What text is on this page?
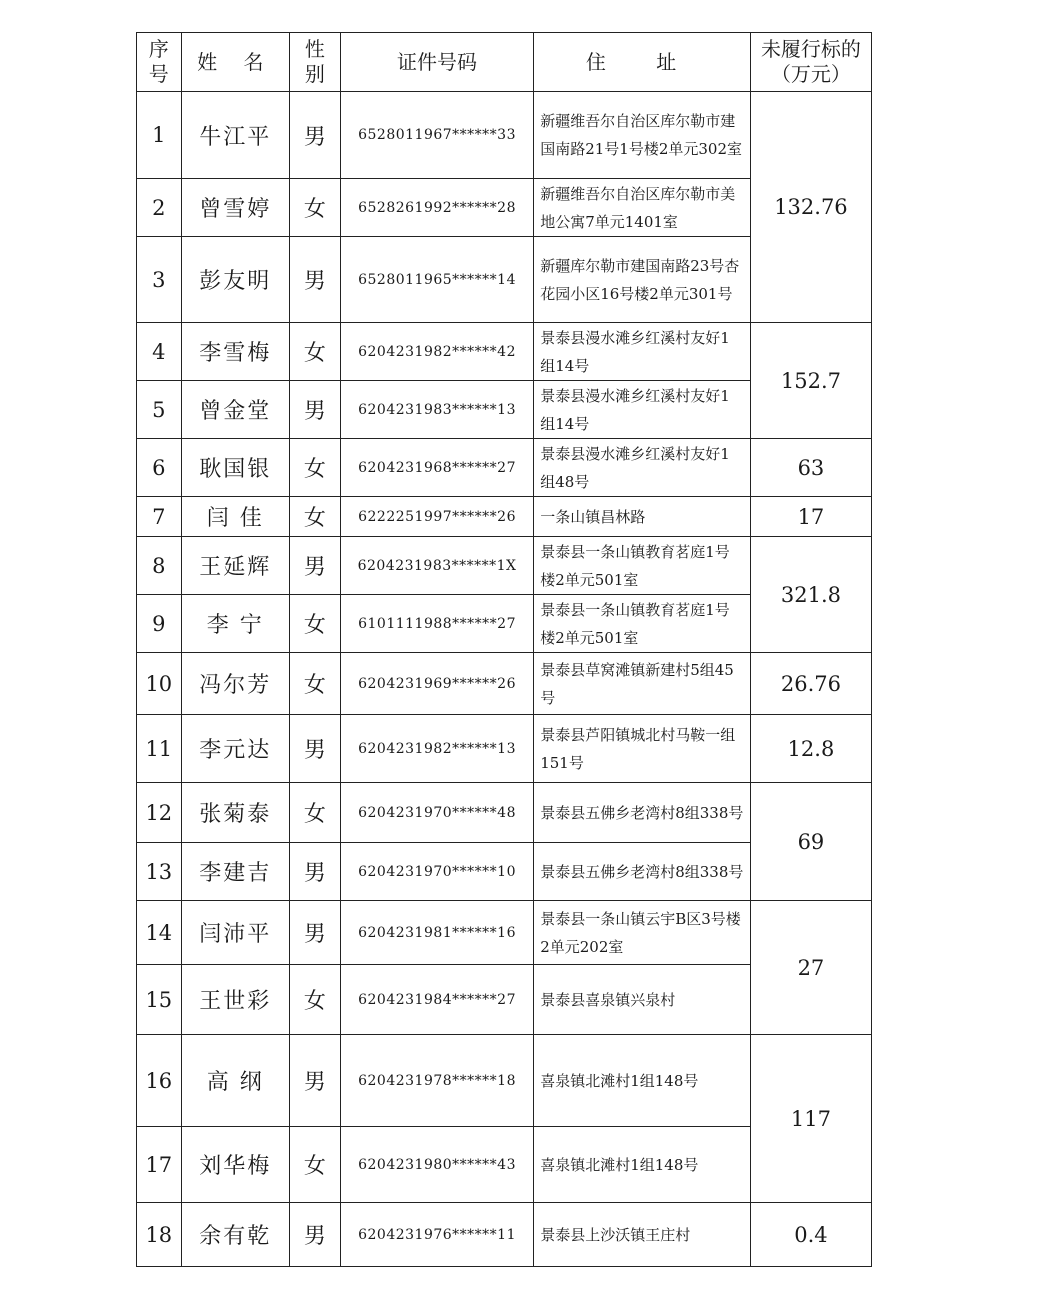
序号	姓 名	性别	证件号码	住 址	未履行标的（万元）
1	牛江平	男	6528011967******33	新疆维吾尔自治区库尔勒市建国南路21号1号楼2单元302室	132.76
2	曾雪婷	女	6528261992******28	新疆维吾尔自治区库尔勒市美地公寓7单元1401室	
3	彭友明	男	6528011965******14	新疆库尔勒市建国南路23号杏花园小区16号楼2单元301号	
4	李雪梅	女	6204231982******42	景泰县漫水滩乡红溪村友好1组14号	152.7
5	曾金堂	男	6204231983******13	景泰县漫水滩乡红溪村友好1组14号	
6	耿国银	女	6204231968******27	景泰县漫水滩乡红溪村友好1组48号	63
7	闫 佳	女	6222251997******26	一条山镇昌林路	17
8	王延辉	男	6204231983******1X	景泰县一条山镇教育茗庭1号楼2单元501室	321.8
9	李 宁	女	6101111988******27	景泰县一条山镇教育茗庭1号楼2单元501室	
10	冯尔芳	女	6204231969******26	景泰县草窝滩镇新建村5组45号	26.76
11	李元达	男	6204231982******13	景泰县芦阳镇城北村马鞍一组151号	12.8
12	张菊泰	女	6204231970******48	景泰县五佛乡老湾村8组338号	69
13	李建吉	男	6204231970******10	景泰县五佛乡老湾村8组338号	
14	闫沛平	男	6204231981******16	景泰县一条山镇云宇B区3号楼2单元202室	27
15	王世彩	女	6204231984******27	景泰县喜泉镇兴泉村	
16	高 纲	男	6204231978******18	喜泉镇北滩村1组148号	117
17	刘华梅	女	6204231980******43	喜泉镇北滩村1组148号	
18	余有乾	男	6204231976******11	景泰县上沙沃镇王庄村	0.4
